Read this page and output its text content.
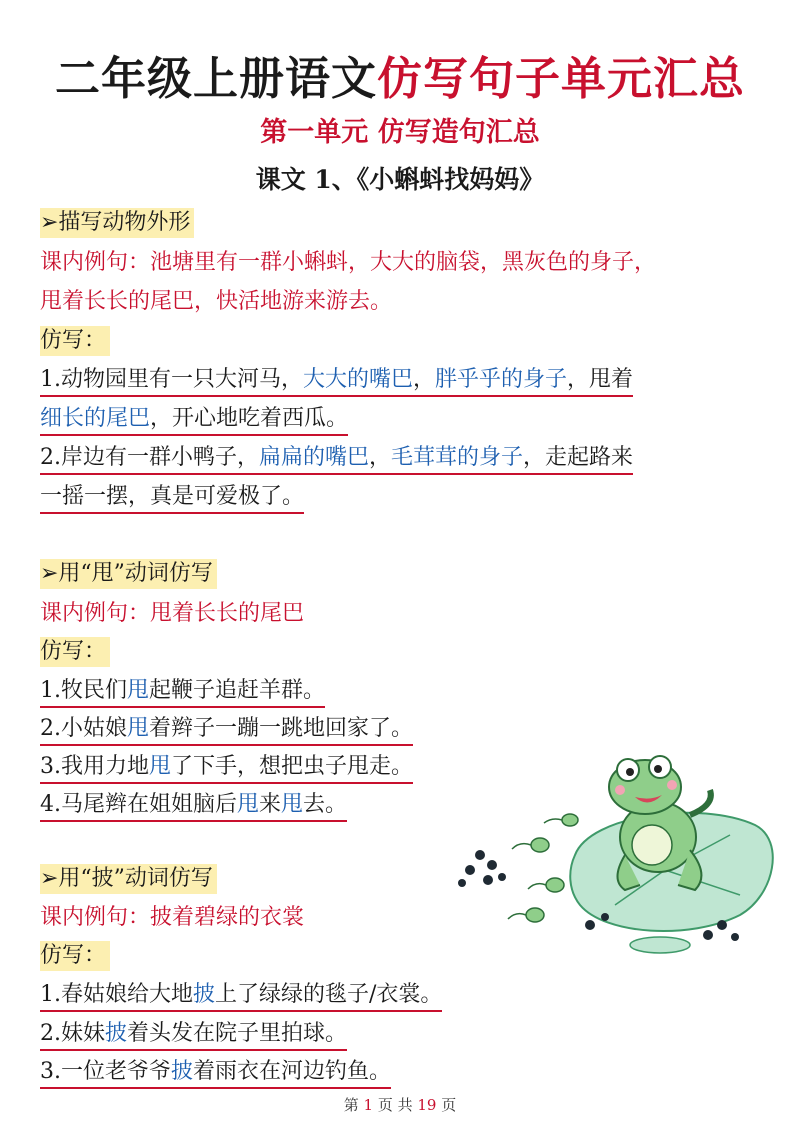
二年级上册语文仿写句子单元汇总
第一单元 仿写造句汇总
课文 1、《小蝌蚪找妈妈》
➢描写动物外形
课内例句：池塘里有一群小蝌蚪，大大的脑袋，黑灰色的身子，
甩着长长的尾巴，快活地游来游去。
仿写：
1.动物园里有一只大河马，大大的嘴巴，胖乎乎的身子，甩着
细长的尾巴，开心地吃着西瓜。
2.岸边有一群小鸭子，扁扁的嘴巴，毛茸茸的身子，走起路来
一摇一摆，真是可爱极了。
➢用“甩”动词仿写
课内例句：甩着长长的尾巴
仿写：
1.牧民们甩起鞭子追赶羊群。
2.小姑娘甩着辫子一蹦一跳地回家了。
3.我用力地甩了下手，想把虫子甩走。
4.马尾辫在姐姐脑后甩来甩去。
➢用“披”动词仿写
课内例句：披着碧绿的衣裳
仿写：
1.春姑娘给大地披上了绿绿的毯子/衣裳。
2.妹妹披着头发在院子里拍球。
3.一位老爷爷披着雨衣在河边钓鱼。
第 1 页 共 19 页
